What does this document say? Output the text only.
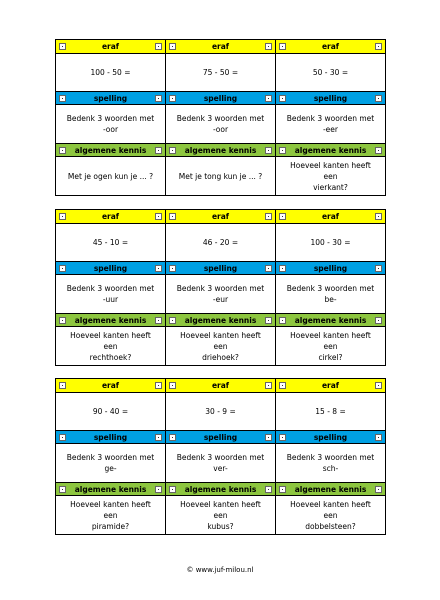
eraf
100 - 50 =
spelling
Bedenk 3 woorden met
-oor
algemene kennis
Met je ogen kun je ... ?
eraf
75 - 50 =
spelling
Bedenk 3 woorden met
-oor
algemene kennis
Met je tong kun je ... ?
eraf
50 - 30 =
spelling
Bedenk 3 woorden met
-eer
algemene kennis
Hoeveel kanten heeft een
vierkant?
eraf
45 - 10 =
spelling
Bedenk 3 woorden met
-uur
algemene kennis
Hoeveel kanten heeft een
rechthoek?
eraf
46 - 20 =
spelling
Bedenk 3 woorden met
-eur
algemene kennis
Hoeveel kanten heeft een
driehoek?
eraf
100 - 30 =
spelling
Bedenk 3 woorden met
be-
algemene kennis
Hoeveel kanten heeft een
cirkel?
eraf
90 - 40 =
spelling
Bedenk 3 woorden met
ge-
algemene kennis
Hoeveel kanten heeft een
piramide?
eraf
30 - 9 =
spelling
Bedenk 3 woorden met
ver-
algemene kennis
Hoeveel kanten heeft een
kubus?
eraf
15 - 8 =
spelling
Bedenk 3 woorden met
sch-
algemene kennis
Hoeveel kanten heeft een
dobbelsteen?
© www.juf-milou.nl
